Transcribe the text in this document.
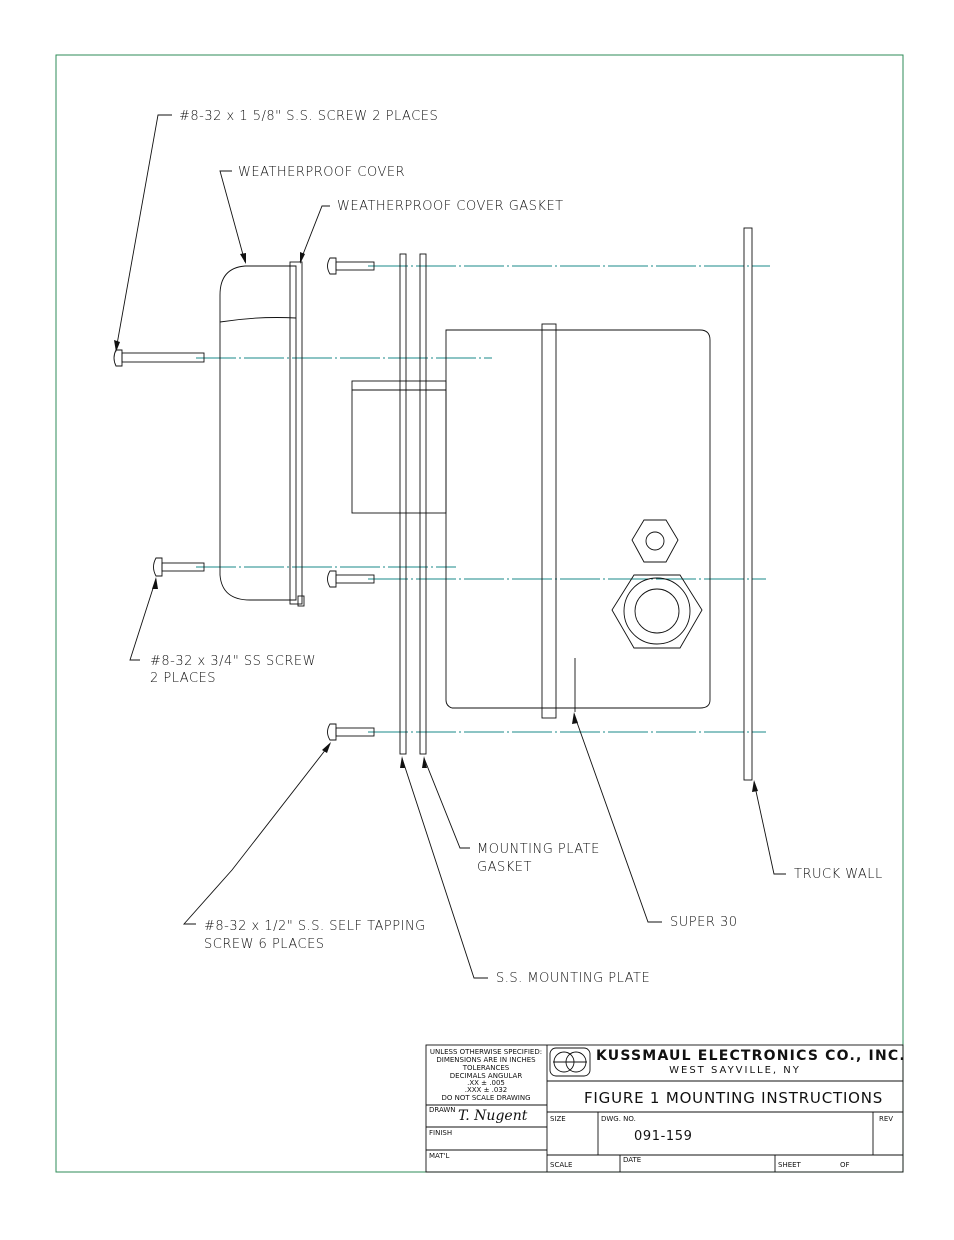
#8-32 x 1 5/8" S.S. SCREW 2 PLACES
WEATHERPROOF COVER
WEATHERPROOF COVER GASKET
#8-32 x 3/4" SS SCREW
2 PLACES
#8-32 x 1/2" S.S. SELF TAPPING
SCREW 6 PLACES
MOUNTING PLATE
GASKET
S.S. MOUNTING PLATE
SUPER 30
TRUCK WALL
UNLESS OTHERWISE SPECIFIED:
DIMENSIONS ARE IN INCHES
TOLERANCES
DECIMALS ANGULAR
.XX ± .005
.XXX ± .032
DO NOT SCALE DRAWING
KUSSMAUL ELECTRONICS CO., INC.
WEST SAYVILLE, NY
FIGURE 1 MOUNTING INSTRUCTIONS
DRAWN T. Nugent
FINISH
MAT'L
SIZE	DWG. NO.
091-159
REV
SCALE
DATE
SHEET	OF
